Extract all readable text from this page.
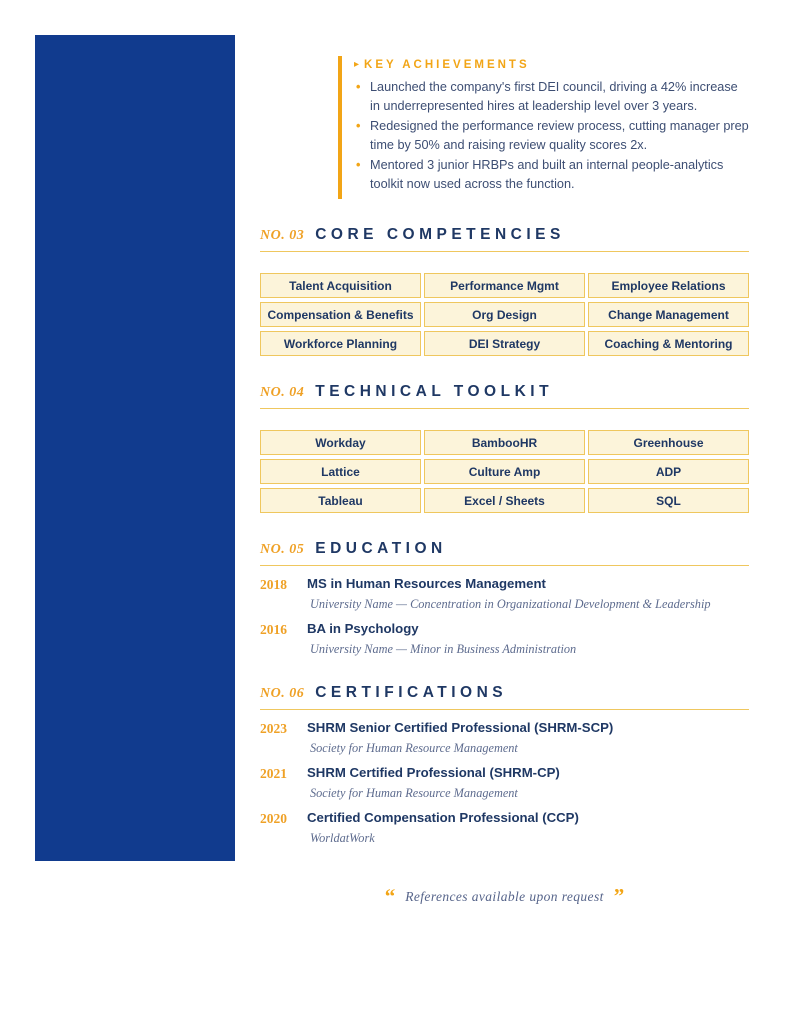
▸ KEY ACHIEVEMENTS
• Launched the company's first DEI council, driving a 42% increase in underrepresented hires at leadership level over 3 years.
• Redesigned the performance review process, cutting manager prep time by 50% and raising review quality scores 2x.
• Mentored 3 junior HRBPs and built an internal people-analytics toolkit now used across the function.
NO. 03 CORE COMPETENCIES
Talent Acquisition	Performance Mgmt	Employee Relations
Compensation & Benefits	Org Design	Change Management
Workforce Planning	DEI Strategy	Coaching & Mentoring
NO. 04 TECHNICAL TOOLKIT
Workday	BambooHR	Greenhouse
Lattice	Culture Amp	ADP
Tableau	Excel / Sheets	SQL
NO. 05 EDUCATION
2018	MS in Human Resources Management
University Name — Concentration in Organizational Development & Leadership
2016	BA in Psychology
University Name — Minor in Business Administration
NO. 06 CERTIFICATIONS
2023	SHRM Senior Certified Professional (SHRM-SCP)
Society for Human Resource Management
2021	SHRM Certified Professional (SHRM-CP)
Society for Human Resource Management
2020	Certified Compensation Professional (CCP)
WorldatWork
“ References available upon request ”
